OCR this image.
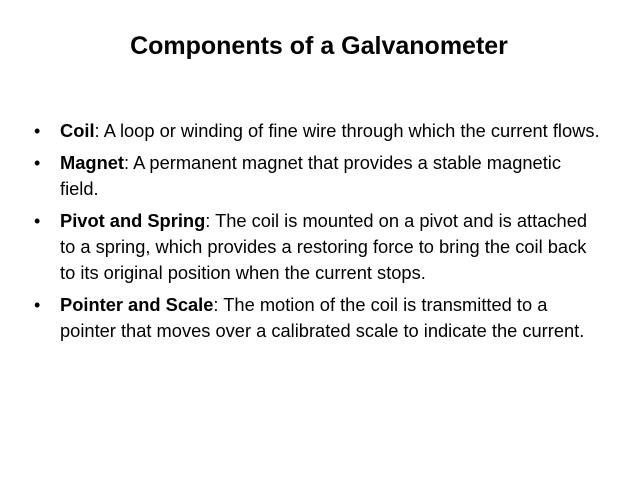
Components of a Galvanometer
•	Coil: A loop or winding of fine wire through which the current flows.
•	Magnet: A permanent magnet that provides a stable magnetic field.
•	Pivot and Spring: The coil is mounted on a pivot and is attached to a spring, which provides a restoring force to bring the coil back to its original position when the current stops.
•	Pointer and Scale: The motion of the coil is transmitted to a pointer that moves over a calibrated scale to indicate the current.
